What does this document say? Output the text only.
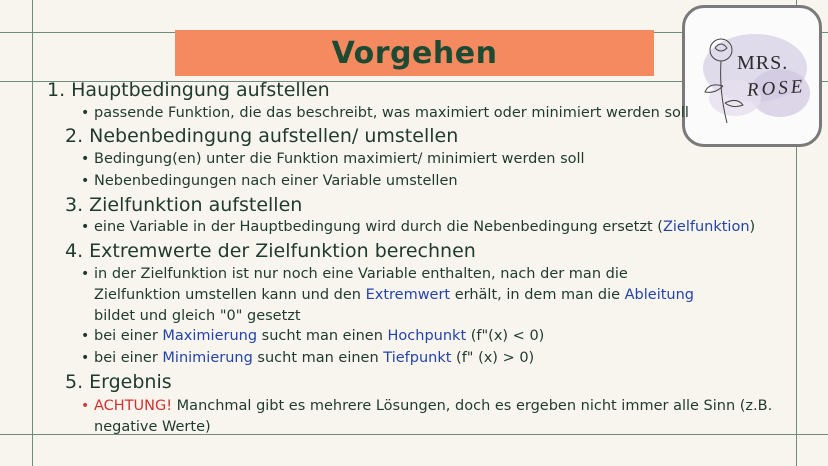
Vorgehen	MRS.
ROSE
1. Hauptbedingung aufstellen
• passende Funktion, die das beschreibt, was maximiert oder minimiert werden soll
2. Nebenbedingung aufstellen/ umstellen
• Bedingung(en) unter die Funktion maximiert/ minimiert werden soll
• Nebenbedingungen nach einer Variable umstellen
3. Zielfunktion aufstellen
• eine Variable in der Hauptbedingung wird durch die Nebenbedingung ersetzt (Zielfunktion)
4. Extremwerte der Zielfunktion berechnen
• in der Zielfunktion ist nur noch eine Variable enthalten, nach der man die Zielfunktion umstellen kann und den Extremwert erhält, in dem man die Ableitung bildet und gleich "0" gesetzt
• bei einer Maximierung sucht man einen Hochpunkt (f"(x) < 0)
• bei einer Minimierung sucht man einen Tiefpunkt (f" (x) > 0)
5. Ergebnis
• ACHTUNG! Manchmal gibt es mehrere Lösungen, doch es ergeben nicht immer alle Sinn (z.B. negative Werte)
